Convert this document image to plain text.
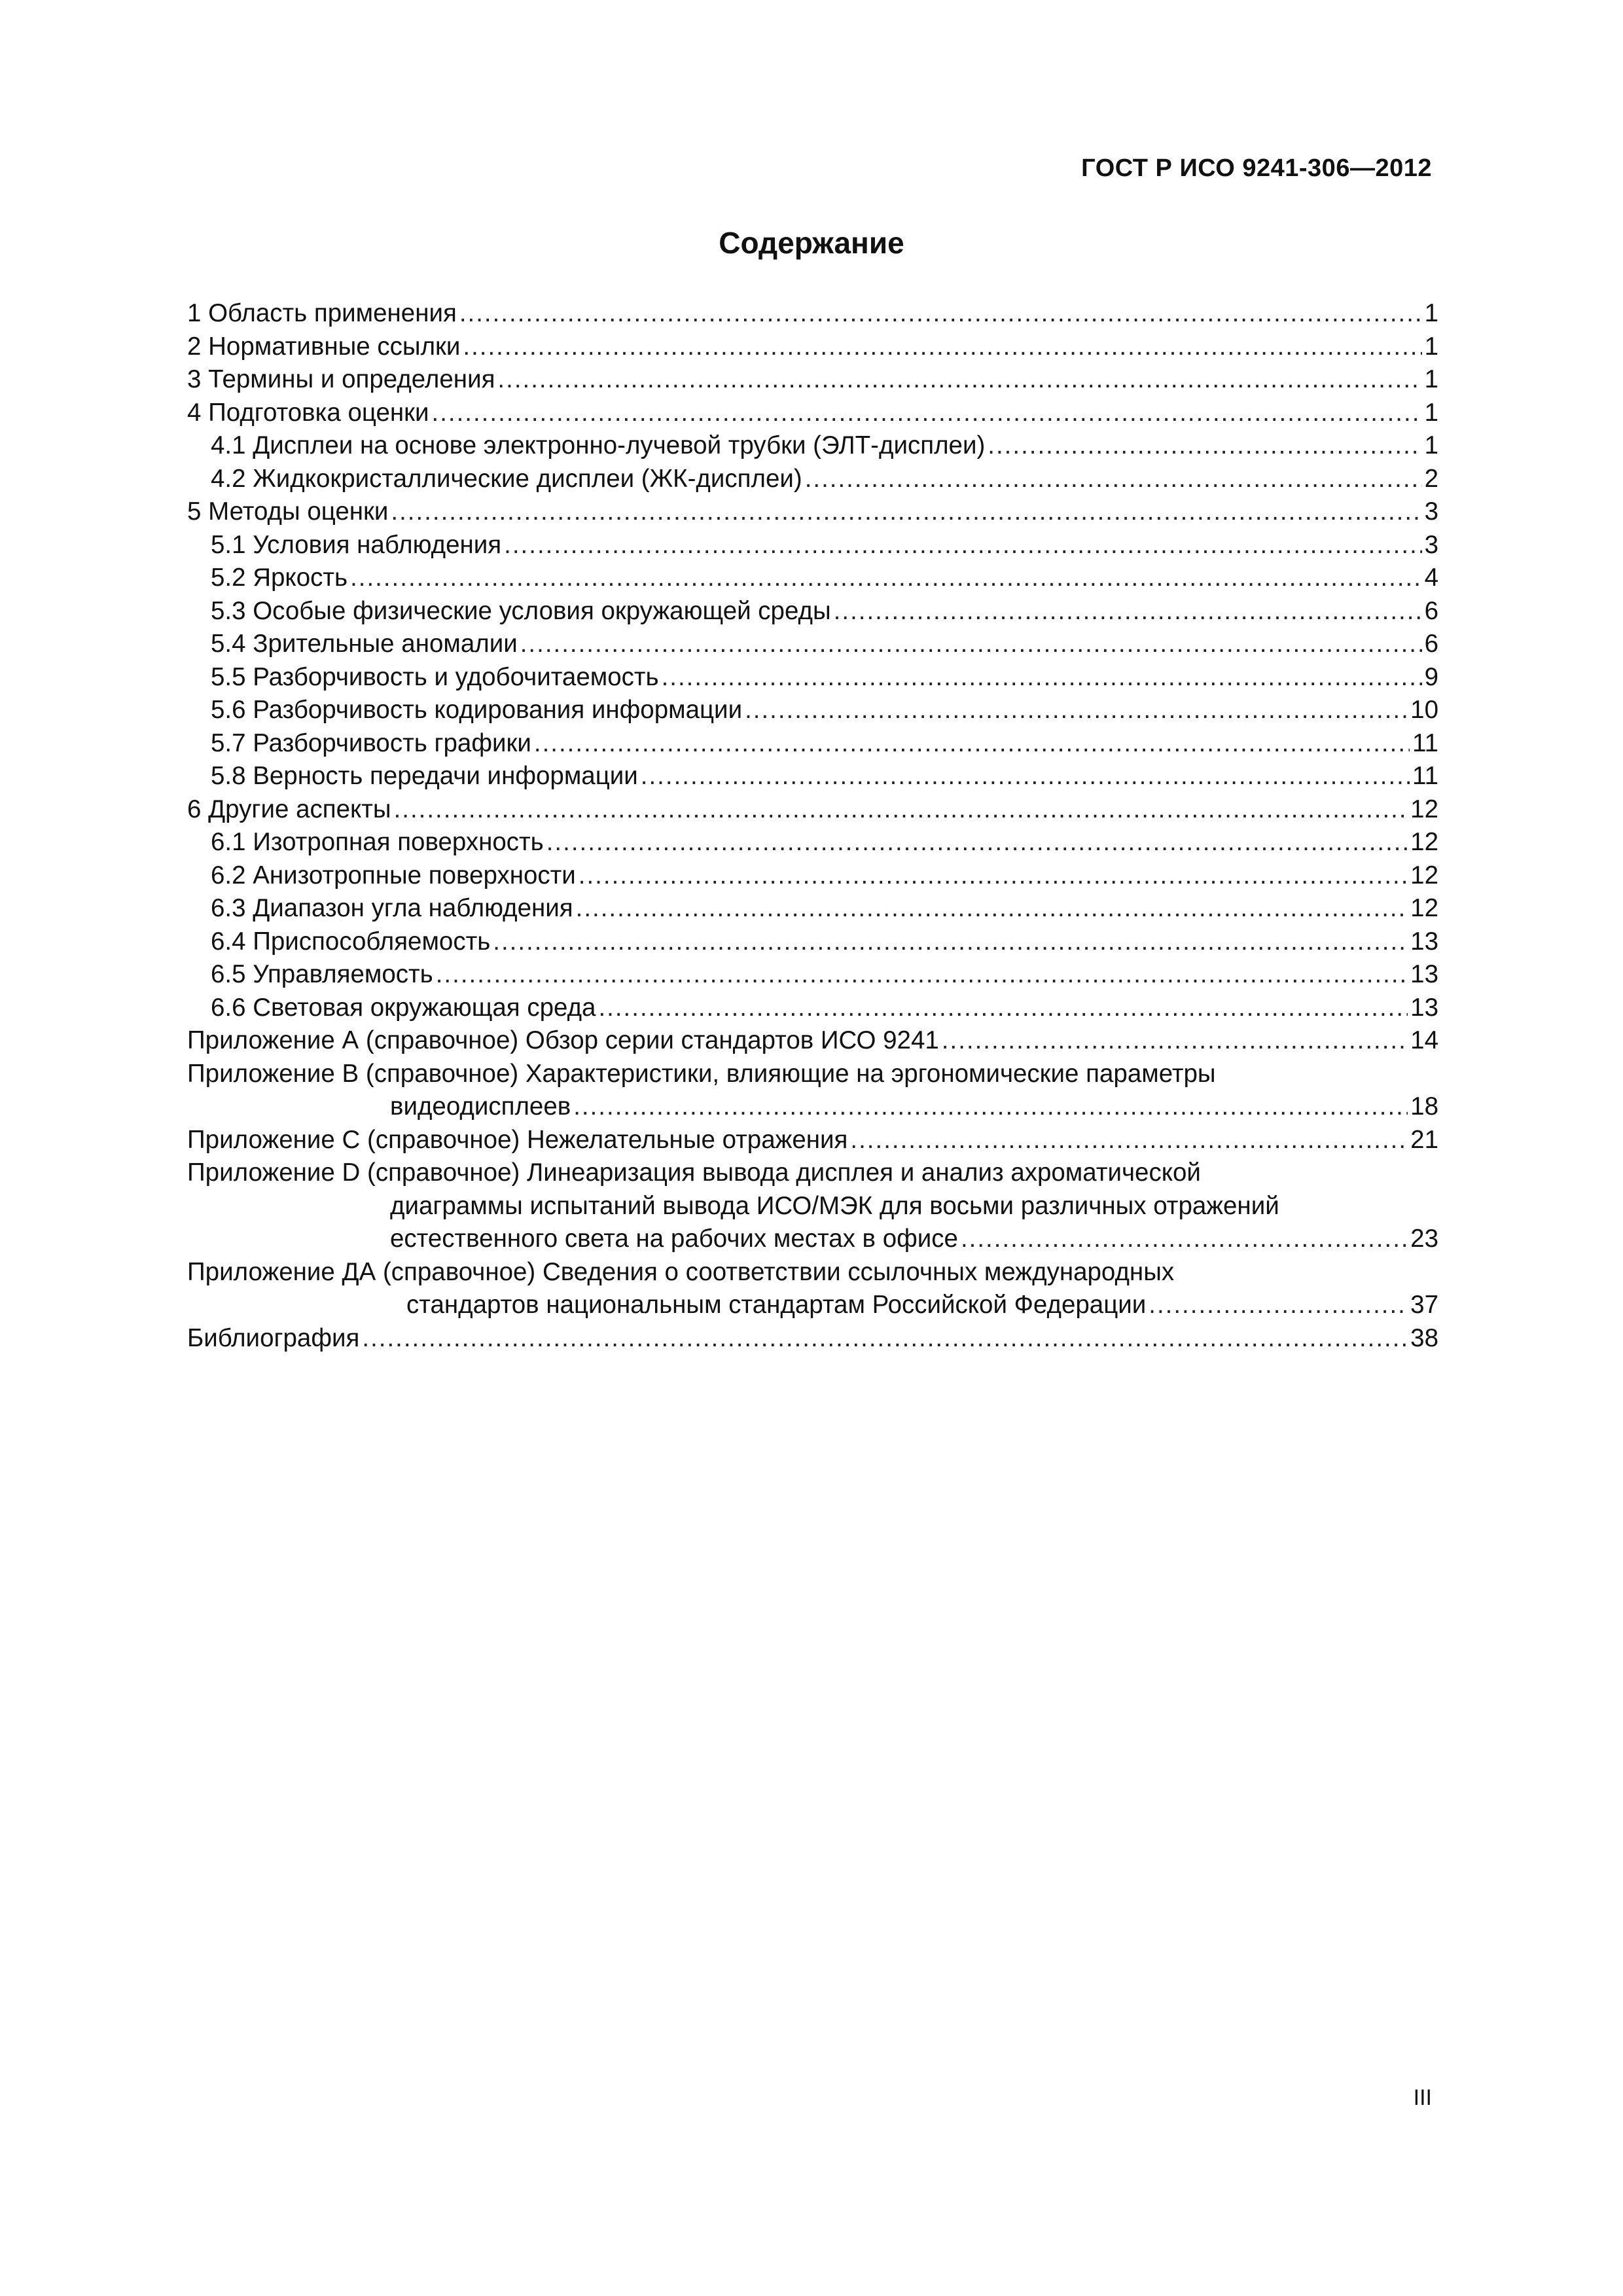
ГОСТ Р ИСО 9241-306—2012
Содержание
1 Область применения .....	1
2 Нормативные ссылки .....	1
3 Термины и определения .....	1
4 Подготовка оценки .....	1
4.1 Дисплеи на основе электронно-лучевой трубки (ЭЛТ-дисплеи) .....	1
4.2 Жидкокристаллические дисплеи (ЖК-дисплеи) .....	2
5 Методы оценки .....	3
5.1 Условия наблюдения .....	3
5.2 Яркость .....	4
5.3 Особые физические условия окружающей среды .....	6
5.4 Зрительные аномалии .....	6
5.5 Разборчивость и удобочитаемость .....	9
5.6 Разборчивость кодирования информации .....	10
5.7 Разборчивость графики .....	11
5.8 Верность передачи информации .....	11
6 Другие аспекты .....	12
6.1 Изотропная поверхность .....	12
6.2 Анизотропные поверхности .....	12
6.3 Диапазон угла наблюдения .....	12
6.4 Приспособляемость .....	13
6.5 Управляемость .....	13
6.6 Световая окружающая среда .....	13
Приложение А (справочное) Обзор серии стандартов ИСО 9241 .....	14
Приложение В (справочное) Характеристики, влияющие на эргономические параметры
видеодисплеев .....	18
Приложение С (справочное) Нежелательные отражения .....	21
Приложение D (справочное) Линеаризация вывода дисплея и анализ ахроматической
диаграммы испытаний вывода ИСО/МЭК для восьми различных отражений
естественного света на рабочих местах в офисе .....	23
Приложение ДА (справочное) Сведения о соответствии ссылочных международных
стандартов национальным стандартам Российской Федерации .....	37
Библиография .....	38
III
